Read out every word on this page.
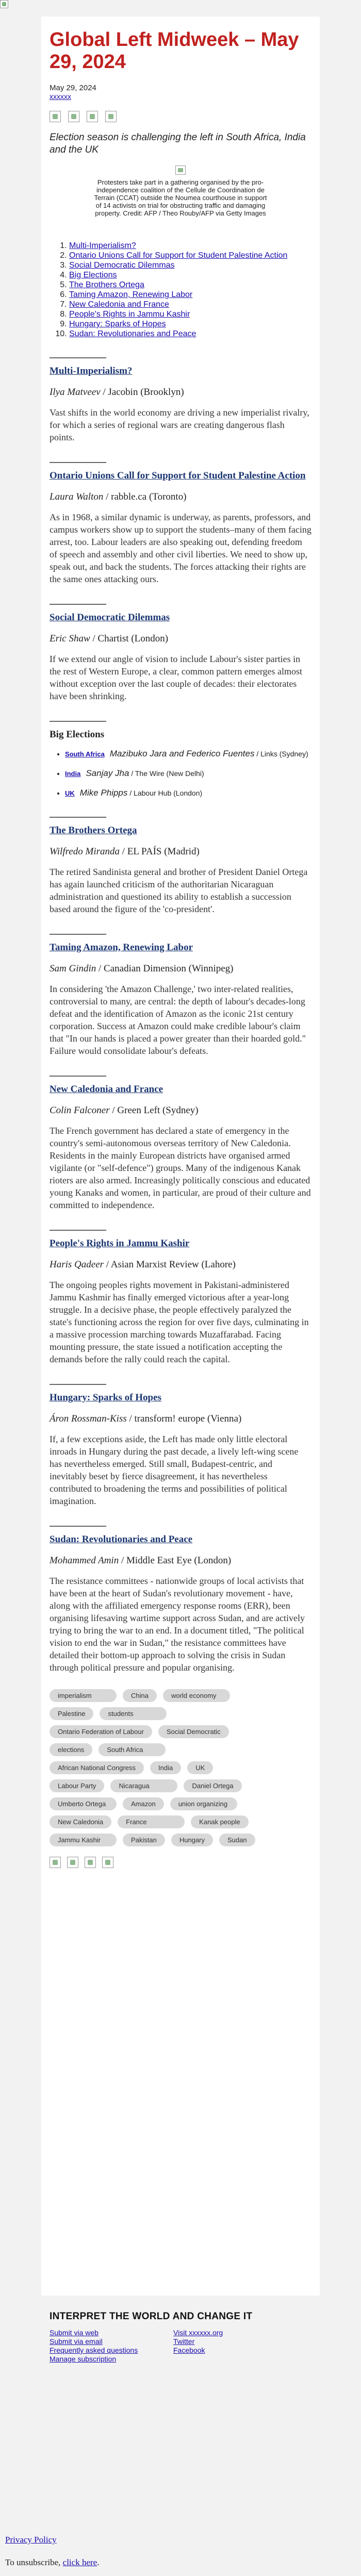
Global Left Midweek – May 29, 2024
May 29, 2024
xxxxxx

Election season is challenging the left in South Africa, India and the UK

Protesters take part in a gathering organised by the pro-independence coalition of the Cellule de Coordination de Terrain (CCAT) outside the Noumea courthouse in support of 14 activists on trial for obstructing traffic and damaging property. Credit: AFP / Theo Rouby/AFP via Getty Images
1. Multi-Imperialism?
2. Ontario Unions Call for Support for Student Palestine Action
3. Social Democratic Dilemmas
4. Big Elections
5. The Brothers Ortega
6. Taming Amazon, Renewing Labor
7. New Caledonia and France
8. People's Rights in Jammu Kashir
9. Hungary: Sparks of Hopes
10. Sudan: Revolutionaries and Peace
Multi-Imperialism?
Ilya Matveev / Jacobin (Brooklyn)

Vast shifts in the world economy are driving a new imperialist rivalry, for which a series of regional wars are creating dangerous flash points.

Ontario Unions Call for Support for Student Palestine Action
Laura Walton / rabble.ca (Toronto)

As in 1968, a similar dynamic is underway, as parents, professors, and campus workers show up to support the students–many of them facing arrest, too. Labour leaders are also speaking out, defending freedom of speech and assembly and other civil liberties. We need to show up, speak out, and back the students. The forces attacking their rights are the same ones attacking ours.

Social Democratic Dilemmas
Eric Shaw / Chartist (London)

If we extend our angle of vision to include Labour's sister parties in the rest of Western Europe, a clear, common pattern emerges almost without exception over the last couple of decades: their electorates have been shrinking.

Big Elections
• South Africa Mazibuko Jara and Federico Fuentes / Links (Sydney)
• India Sanjay Jha / The Wire (New Delhi)
• UK Mike Phipps / Labour Hub (London)
The Brothers Ortega
Wilfredo Miranda / EL PAÍS (Madrid)

The retired Sandinista general and brother of President Daniel Ortega has again launched criticism of the authoritarian Nicaraguan administration and questioned its ability to establish a succession based around the figure of the 'co-president'.

Taming Amazon, Renewing Labor
Sam Gindin / Canadian Dimension (Winnipeg)

In considering 'the Amazon Challenge,' two inter-related realities, controversial to many, are central: the depth of labour's decades-long defeat and the identification of Amazon as the iconic 21st century corporation. Success at Amazon could make credible labour's claim that "In our hands is placed a power greater than their hoarded gold." Failure would consolidate labour's defeats.

New Caledonia and France
Colin Falconer / Green Left (Sydney)

The French government has declared a state of emergency in the country's semi-autonomous overseas territory of New Caledonia. Residents in the mainly European districts have organised armed vigilante (or "self-defence") groups. Many of the indigenous Kanak rioters are also armed. Increasingly politically conscious and educated young Kanaks and women, in particular, are proud of their culture and committed to independence.

People's Rights in Jammu Kashir
Haris Qadeer / Asian Marxist Review (Lahore)

The ongoing peoples rights movement in Pakistani-administered Jammu Kashmir has finally emerged victorious after a year-long struggle. In a decisive phase, the people effectively paralyzed the state's functioning across the region for over five days, culminating in a massive procession marching towards Muzaffarabad. Facing mounting pressure, the state issued a notification accepting the demands before the rally could reach the capital.

Hungary: Sparks of Hopes
Áron Rossman-Kiss / transform! europe (Vienna)

If, a few exceptions aside, the Left has made only little electoral inroads in Hungary during the past decade, a lively left-wing scene has nevertheless emerged. Still small, Budapest-centric, and inevitably beset by fierce disagreement, it has nevertheless contributed to broadening the terms and possibilities of political imagination.

Sudan: Revolutionaries and Peace
Mohammed Amin / Middle East Eye (London)

The resistance committees - nationwide groups of local activists that have been at the heart of Sudan's revolutionary movement - have, along with the affiliated emergency response rooms (ERR), been organising lifesaving wartime support across Sudan, and are actively trying to bring the war to an end. In a document titled, "The political vision to end the war in Sudan," the resistance committees have detailed their bottom-up approach to solving the crisis in Sudan through political pressure and popular organising.

imperialism	China	world economy
Palestine	students
Ontario Federation of Labour	Social Democratic
elections	South Africa
African National Congress	India	UK
Labour Party	Nicaragua	Daniel Ortega
Umberto Ortega	Amazon	union organizing
New Caledonia	France	Kanak people
Jammu Kashir	Pakistan	Hungary	Sudan
INTERPRET THE WORLD AND CHANGE IT
Submit via web
Submit via email
Frequently asked questions
Manage subscription
Visit xxxxxx.org
Twitter
Facebook
Privacy Policy
To unsubscribe, click here.
